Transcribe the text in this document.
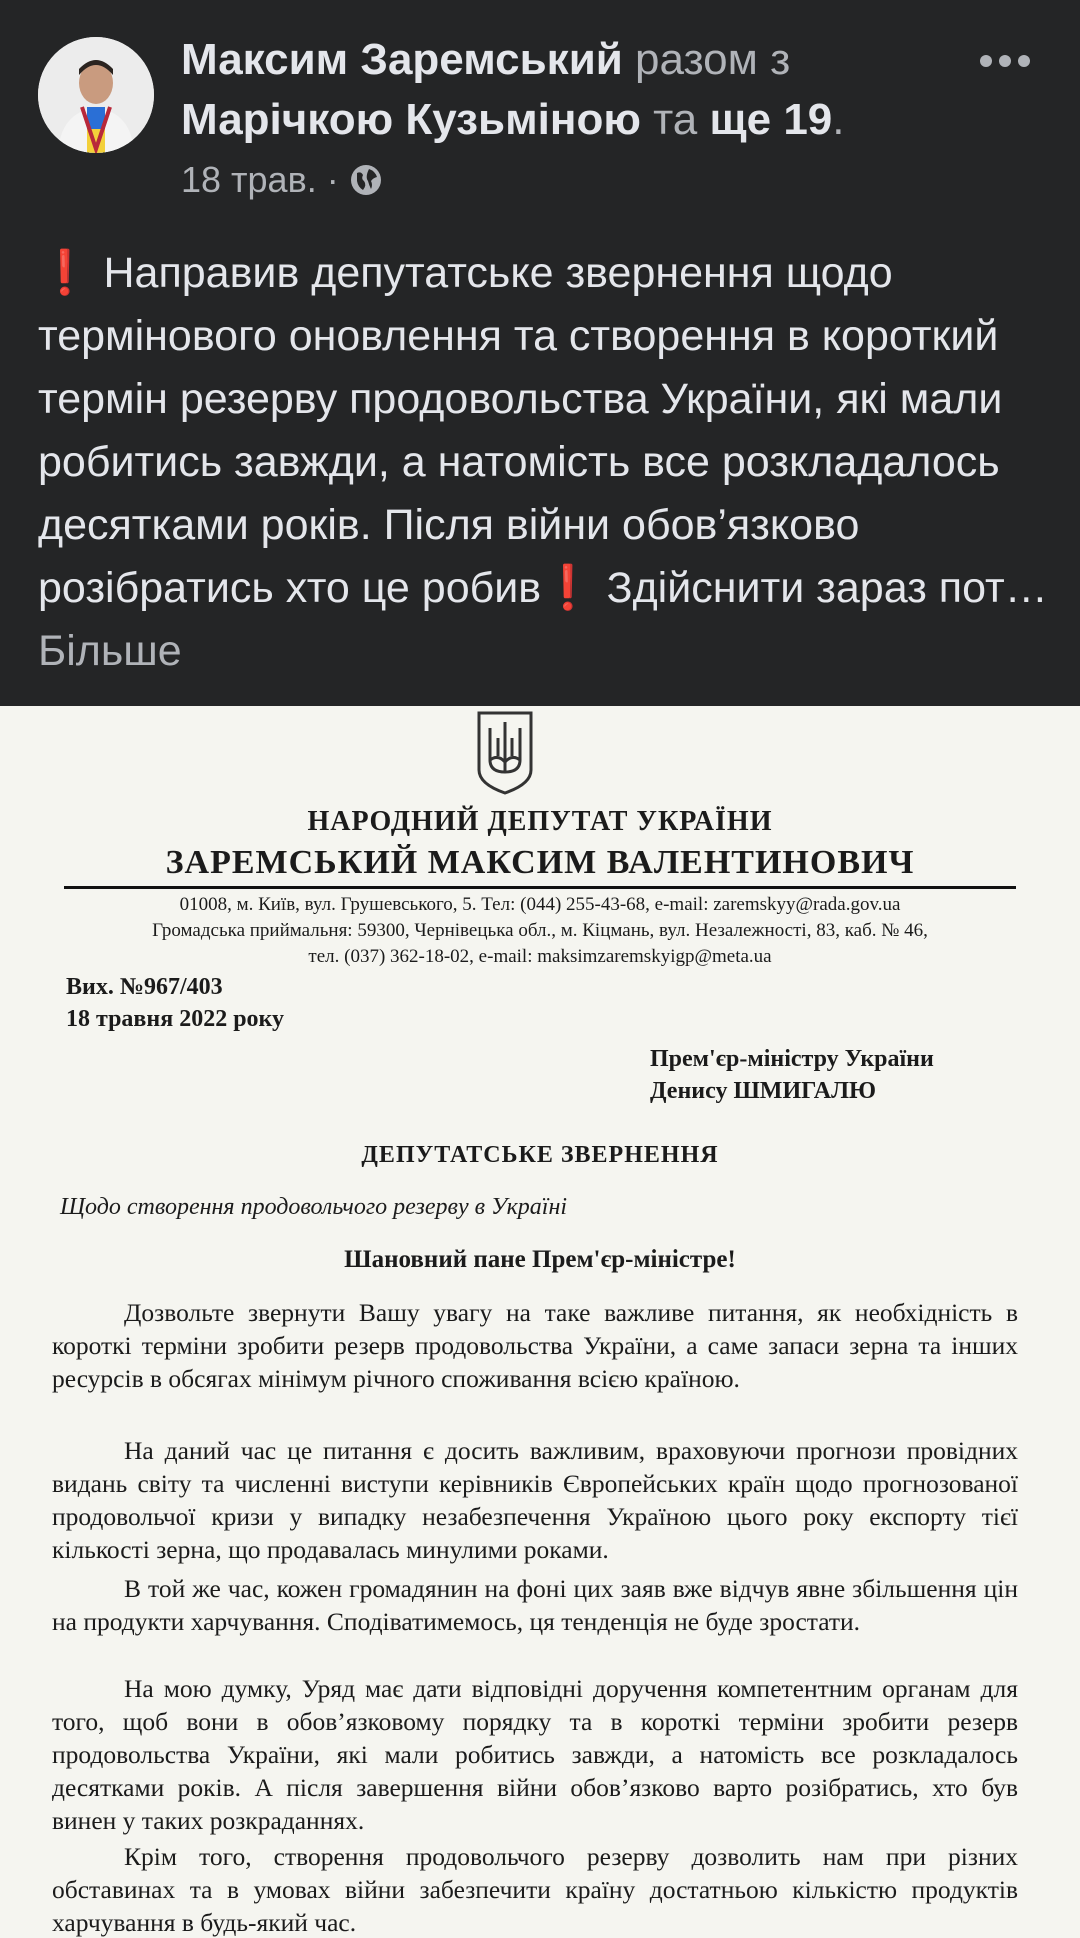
Максим Заремський разом з
Марічкою Кузьміною та ще 19.
18 трав. ·
❗ Направив депутатське звернення щодо термінового оновлення та створення в короткий термін резерву продовольства України, які мали робитись завжди, а натомість все розкладалось десятками років. Після війни обов’язково розібратись хто це робив❗ Здійснити зараз пот… Більше
НАРОДНИЙ ДЕПУТАТ УКРАЇНИ
ЗАРЕМСЬКИЙ МАКСИМ ВАЛЕНТИНОВИЧ
01008, м. Київ, вул. Грушевського, 5. Тел: (044) 255-43-68, e-mail: zaremskyy@rada.gov.ua
Громадська приймальня: 59300, Чернівецька обл., м. Кіцмань, вул. Незалежності, 83, каб. № 46,
тел. (037) 362-18-02, e-mail: maksimzaremskyigp@meta.ua
Вих. №967/403
18 травня 2022 року
Прем'єр-міністру України
Денису ШМИГАЛЮ
ДЕПУТАТСЬКЕ ЗВЕРНЕННЯ
Щодо створення продовольчого резерву в Україні
Шановний пане Прем'єр-міністре!
Дозвольте звернути Вашу увагу на таке важливе питання, як необхідність в короткі терміни зробити резерв продовольства України, а саме запаси зерна та інших ресурсів в обсягах мінімум річного споживання всією країною.
На даний час це питання є досить важливим, враховуючи прогнози провідних видань світу та численні виступи керівників Європейських країн щодо прогнозованої продовольчої кризи у випадку незабезпечення Україною цього року експорту тієї кількості зерна, що продавалась минулими роками.
В той же час, кожен громадянин на фоні цих заяв вже відчув явне збільшення цін на продукти харчування. Сподіватимемось, ця тенденція не буде зростати.
На мою думку, Уряд має дати відповідні доручення компетентним органам для того, щоб вони в обов’язковому порядку та в короткі терміни зробити резерв продовольства України, які мали робитись завжди, а натомість все розкладалось десятками років. А після завершення війни обов’язково варто розібратись, хто був винен у таких розкраданнях.
Крім того, створення продовольчого резерву дозволить нам при різних обставинах та в умовах війни забезпечити країну достатньою кількістю продуктів харчування в будь-який час.
